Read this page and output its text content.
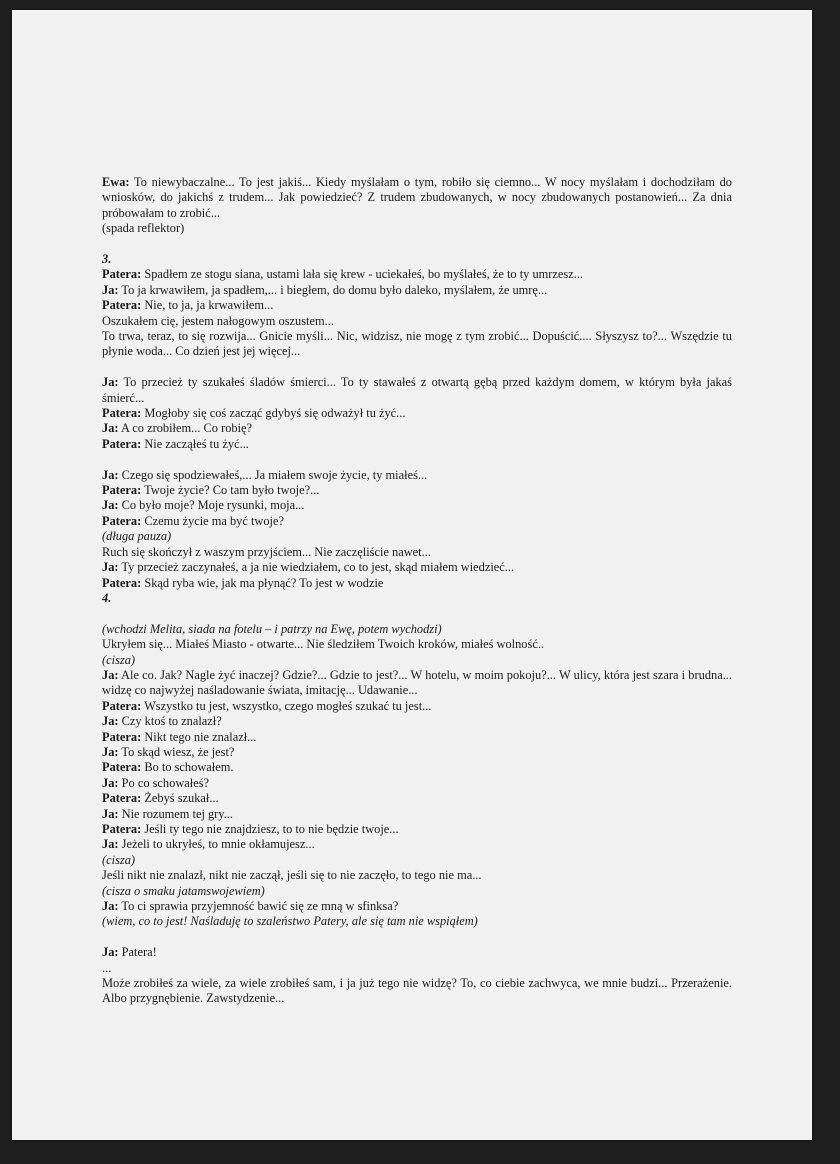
Ewa: To niewybaczalne... To jest jakiś... Kiedy myślałam o tym, robiło się ciemno... W nocy myślałam i dochodziłam do wniosków, do jakichś z trudem... Jak powiedzieć? Z trudem zbudowanych, w nocy zbudowanych postanowień... Za dnia próbowałam to zrobić...

(spada reflektor)

3.

Patera: Spadłem ze stogu siana, ustami lała się krew - uciekałeś, bo myślałeś, że to ty umrzesz...

Ja: To ja krwawiłem, ja spadłem,... i biegłem, do domu było daleko, myślałem, że umrę...

Patera: Nie, to ja, ja krwawiłem...

Oszukałem cię, jestem nałogowym oszustem...

To trwa, teraz, to się rozwija... Gnicie myśli... Nic, widzisz, nie mogę z tym zrobić... Dopuścić.... Słyszysz to?... Wszędzie tu płynie woda... Co dzień jest jej więcej...

Ja: To przecież ty szukałeś śladów śmierci... To ty stawałeś z otwartą gębą przed każdym domem, w którym była jakaś śmierć...

Patera: Mogłoby się coś zacząć gdybyś się odważył tu żyć...

Ja: A co zrobiłem... Co robię?

Patera: Nie zacząłeś tu żyć...

Ja: Czego się spodziewałeś,... Ja miałem swoje życie, ty miałeś...

Patera: Twoje życie? Co tam było twoje?...

Ja: Co było moje? Moje rysunki, moja...

Patera: Czemu życie ma być twoje?

(długa pauza)

Ruch się skończył z waszym przyjściem... Nie zaczęliście nawet...

Ja: Ty przecież zaczynałeś, a ja nie wiedziałem, co to jest, skąd miałem wiedzieć...

Patera: Skąd ryba wie, jak ma płynąć? To jest w wodzie

4.

(wchodzi Melita, siada na fotelu – i patrzy na Ewę, potem wychodzi)

Ukryłem się... Miałeś Miasto - otwarte... Nie śledziłem Twoich kroków, miałeś wolność..

(cisza)

Ja: Ale co. Jak? Nagle żyć inaczej? Gdzie?... Gdzie to jest?... W hotelu, w moim pokoju?... W ulicy, która jest szara i brudna... widzę co najwyżej naśladowanie świata, imitację... Udawanie...

Patera: Wszystko tu jest, wszystko, czego mogłeś szukać tu jest...

Ja: Czy ktoś to znalazł?

Patera: Nikt tego nie znalazł...

Ja: To skąd wiesz, że jest?

Patera: Bo to schowałem.

Ja: Po co schowałeś?

Patera: Żebyś szukał...

Ja: Nie rozumem tej gry...

Patera: Jeśli ty tego nie znajdziesz, to to nie będzie twoje...

Ja: Jeżeli to ukryłeś, to mnie okłamujesz...

(cisza)

Jeśli nikt nie znalazł, nikt nie zaczął, jeśli się to nie zaczęło, to tego nie ma...

(cisza o smaku jatamswojewiem)

Ja: To ci sprawia przyjemność bawić się ze mną w sfinksa?

(wiem, co to jest! Naśladuję to szaleństwo Patery, ale się tam nie wspiąłem)

Ja: Patera!

...

Może zrobiłeś za wiele, za wiele zrobiłeś sam, i ja już tego nie widzę? To, co ciebie zachwyca, we mnie budzi... Przerażenie. Albo przygnębienie. Zawstydzenie...
